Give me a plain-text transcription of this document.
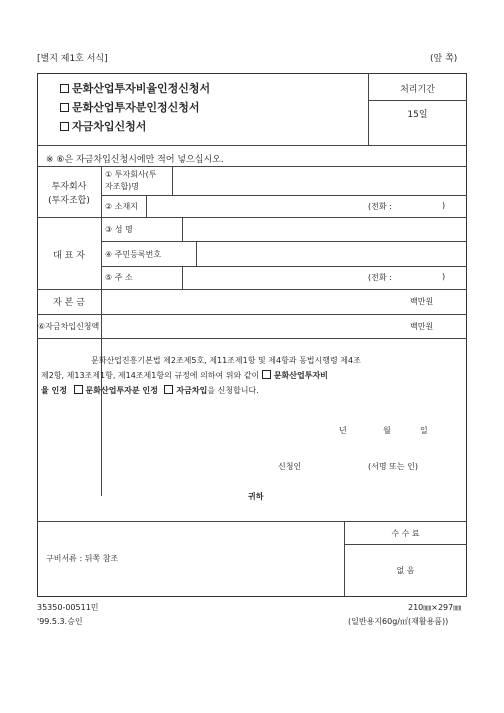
[별지 제1호 서식]	(앞 쪽)
문화산업투자비율인정신청서
문화산업투자분인정신청서
자금차입신청서
처리기간
15일
※ ⑥은 자금차입신청시에만 적어 넣으십시오.
투자회사
(투자조합)
① 투자회사(투
자조합)명
② 소재지	(전화 :	)
대 표 자
③ 성 명
④ 주민등록번호
⑤ 주 소	(전화 :	)
자 본 금	백만원
⑥자금차입신청액	백만원
문화산업진흥기본법 제2조제5호, 제11조제1항 및 제4항과 동법시행령 제4조
제2항, 제13조제1항, 제14조제1항의 규정에 의하여 위와 같이 문화산업투자비
율 인정 문화산업투자분 인정 자금차입을 신청합니다.
년	월	일
신청인	(서명 또는 인)
귀하
구비서류 : 뒤쪽 참조
수 수 료
없 음
35350-00511민
'99.5.3.승인
210㎜×297㎜
(일반용지60g/㎡(재활용품))
